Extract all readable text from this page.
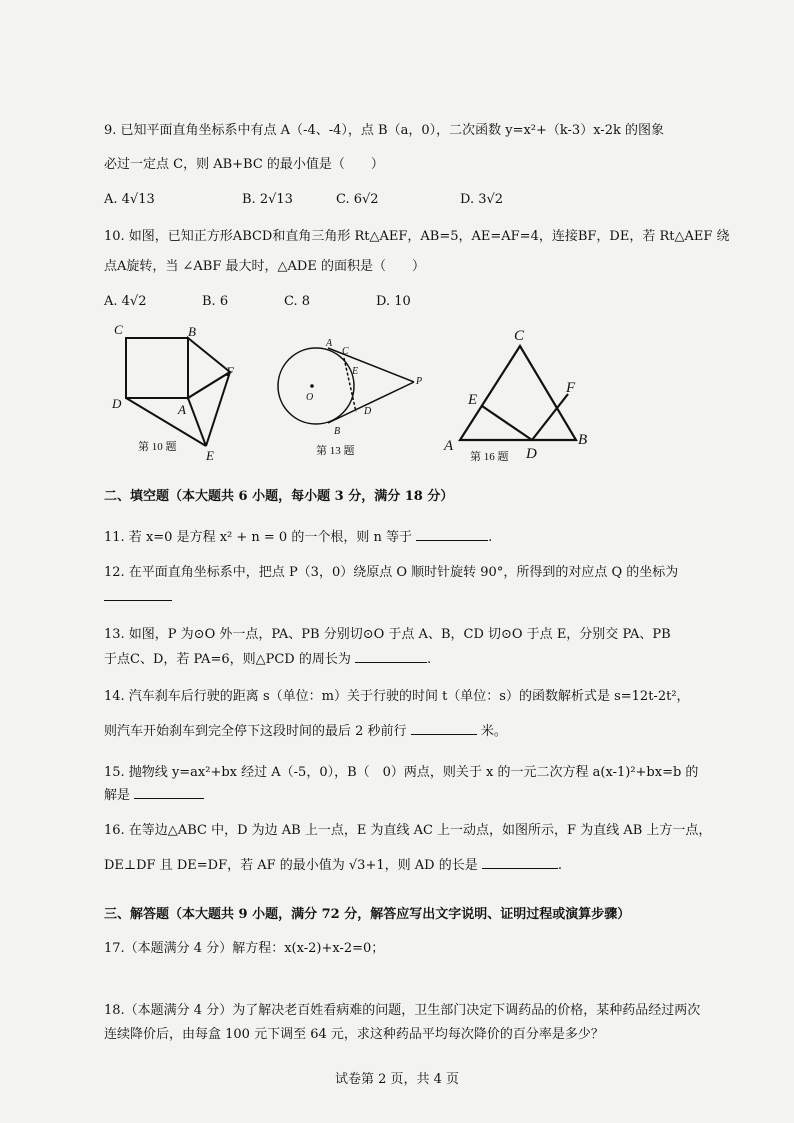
9. 已知平面直角坐标系中有点 A（-4、-4），点 B（a，0），二次函数 y=x²+（k-3）x-2k 的图象
必过一定点 C，则 AB+BC 的最小值是（　　）
A. 4√13	B. 2√13	C. 6√2	D. 3√2
10. 如图，已知正方形ABCD和直角三角形 Rt△AEF，AB=5，AE=AF=4，连接BF，DE，若 Rt△AEF 绕
点A旋转，当 ∠ABF 最大时，△ADE 的面积是（　　）
A. 4√2	B. 6	C. 8	D. 10
C	B
F
D	A
E
第 10 题
A
C
E
P
O
D
B
第 13 题
C
E
F
A	D
B
第 16 题
二、填空题（本大题共 6 小题，每小题 3 分，满分 18 分）
11. 若 x=0 是方程 x² + n = 0 的一个根，则 n 等于	.
12. 在平面直角坐标系中，把点 P（3，0）绕原点 O 顺时针旋转 90°，所得到的对应点 Q 的坐标为
13. 如图，P 为⊙O 外一点，PA、PB 分别切⊙O 于点 A、B，CD 切⊙O 于点 E，分别交 PA、PB
于点C、D，若 PA=6，则△PCD 的周长为	.
14. 汽车刹车后行驶的距离 s（单位：m）关于行驶的时间 t（单位：s）的函数解析式是 s=12t-2t²，
则汽车开始刹车到完全停下这段时间的最后 2 秒前行	米。
15. 抛物线 y=ax²+bx 经过 A（-5，0），B（　0）两点，则关于 x 的一元二次方程 a(x-1)²+bx=b 的
解是
16. 在等边△ABC 中，D 为边 AB 上一点，E 为直线 AC 上一动点，如图所示，F 为直线 AB 上方一点，
DE⊥DF 且 DE=DF，若 AF 的最小值为 √3+1，则 AD 的长是	.
三、解答题（本大题共 9 小题，满分 72 分，解答应写出文字说明、证明过程或演算步骤）
17.（本题满分 4 分）解方程：x(x-2)+x-2=0；
18.（本题满分 4 分）为了解决老百姓看病难的问题，卫生部门决定下调药品的价格，某种药品经过两次
连续降价后，由每盒 100 元下调至 64 元，求这种药品平均每次降价的百分率是多少？
试卷第 2 页，共 4 页
